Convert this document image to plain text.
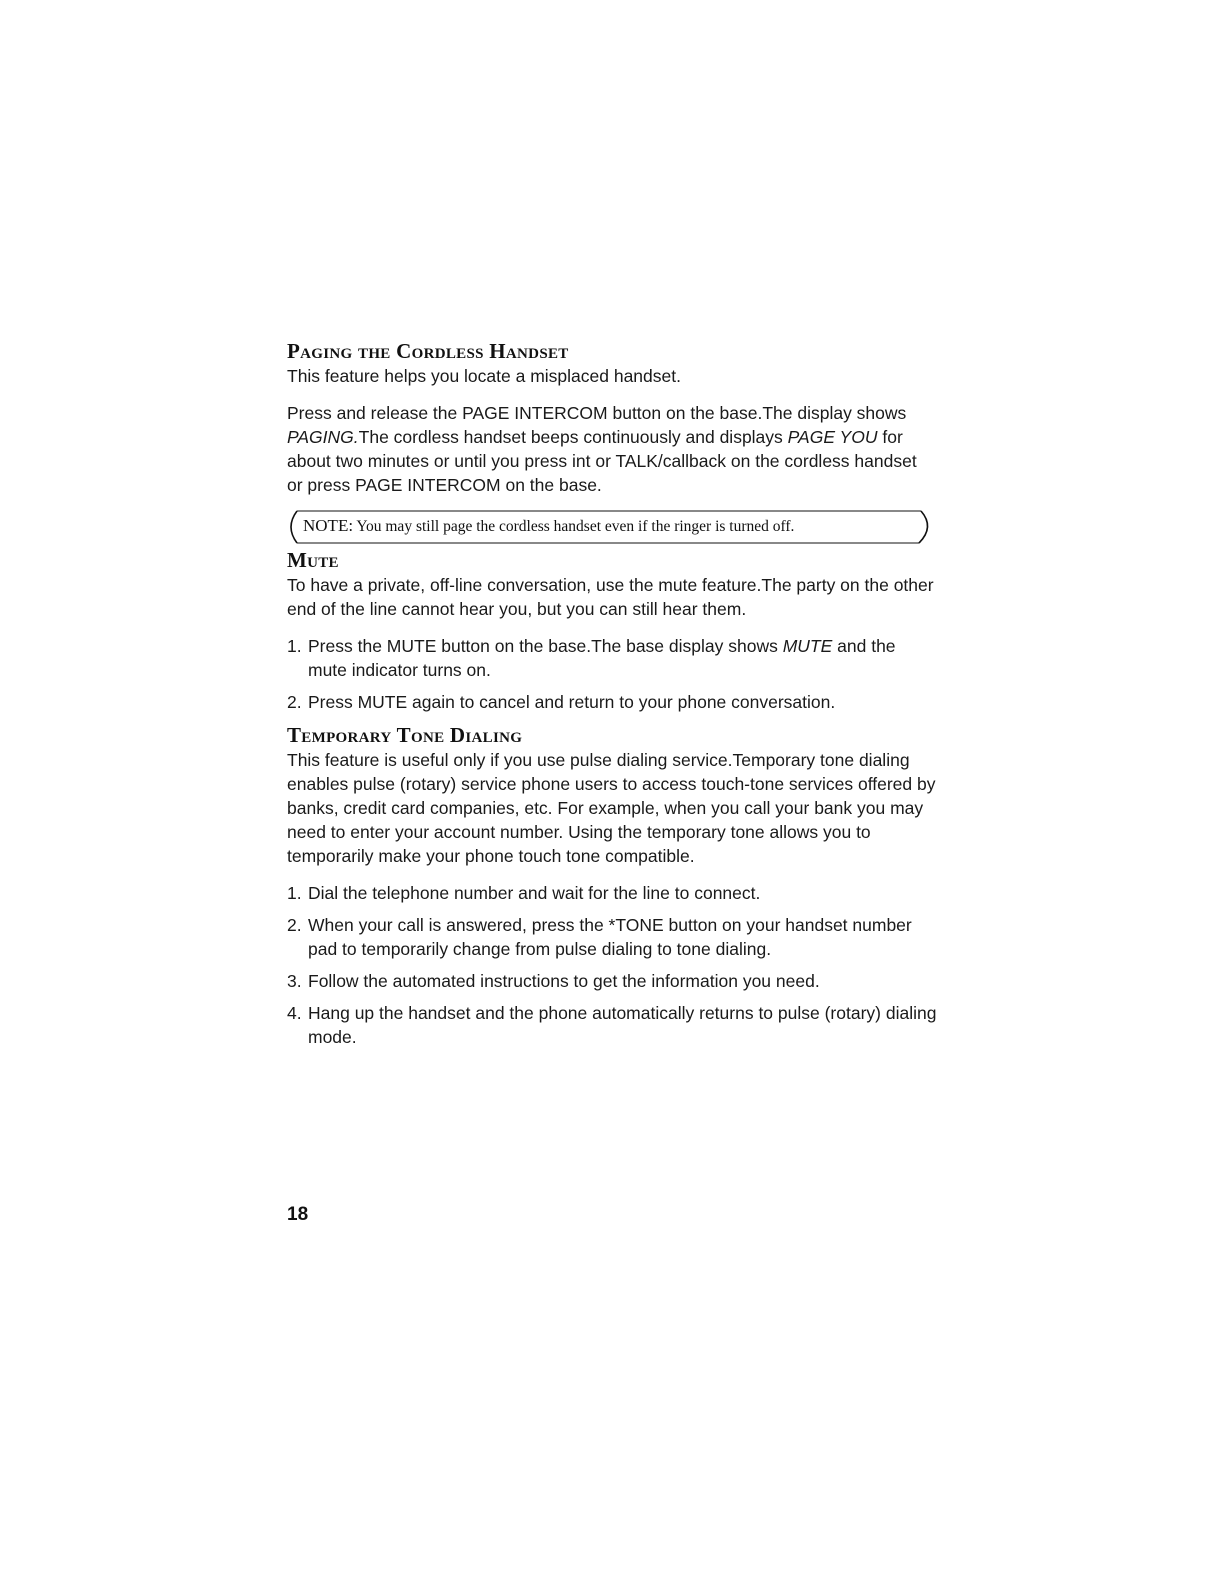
Paging the Cordless Handset

This feature helps you locate a misplaced handset.

Press and release the PAGE INTERCOM button on the base.The display shows PAGING.The cordless handset beeps continuously and displays PAGE YOU for about two minutes or until you press int or TALK/callback on the cordless handset or press PAGE INTERCOM on the base.

NOTE: You may still page the cordless handset even if the ringer is turned off.
Mute

To have a private, off-line conversation, use the mute feature.The party on the other end of the line cannot hear you, but you can still hear them.

1. Press the MUTE button on the base.The base display shows MUTE and the mute indicator turns on.
2. Press MUTE again to cancel and return to your phone conversation.
Temporary Tone Dialing

This feature is useful only if you use pulse dialing service.Temporary tone dialing enables pulse (rotary) service phone users to access touch-tone services offered by banks, credit card companies, etc. For example, when you call your bank you may need to enter your account number. Using the temporary tone allows you to temporarily make your phone touch tone compatible.

1. Dial the telephone number and wait for the line to connect.
2. When your call is answered, press the *TONE button on your handset number pad to temporarily change from pulse dialing to tone dialing.
3. Follow the automated instructions to get the information you need.
4. Hang up the handset and the phone automatically returns to pulse (rotary) dialing mode.
18
